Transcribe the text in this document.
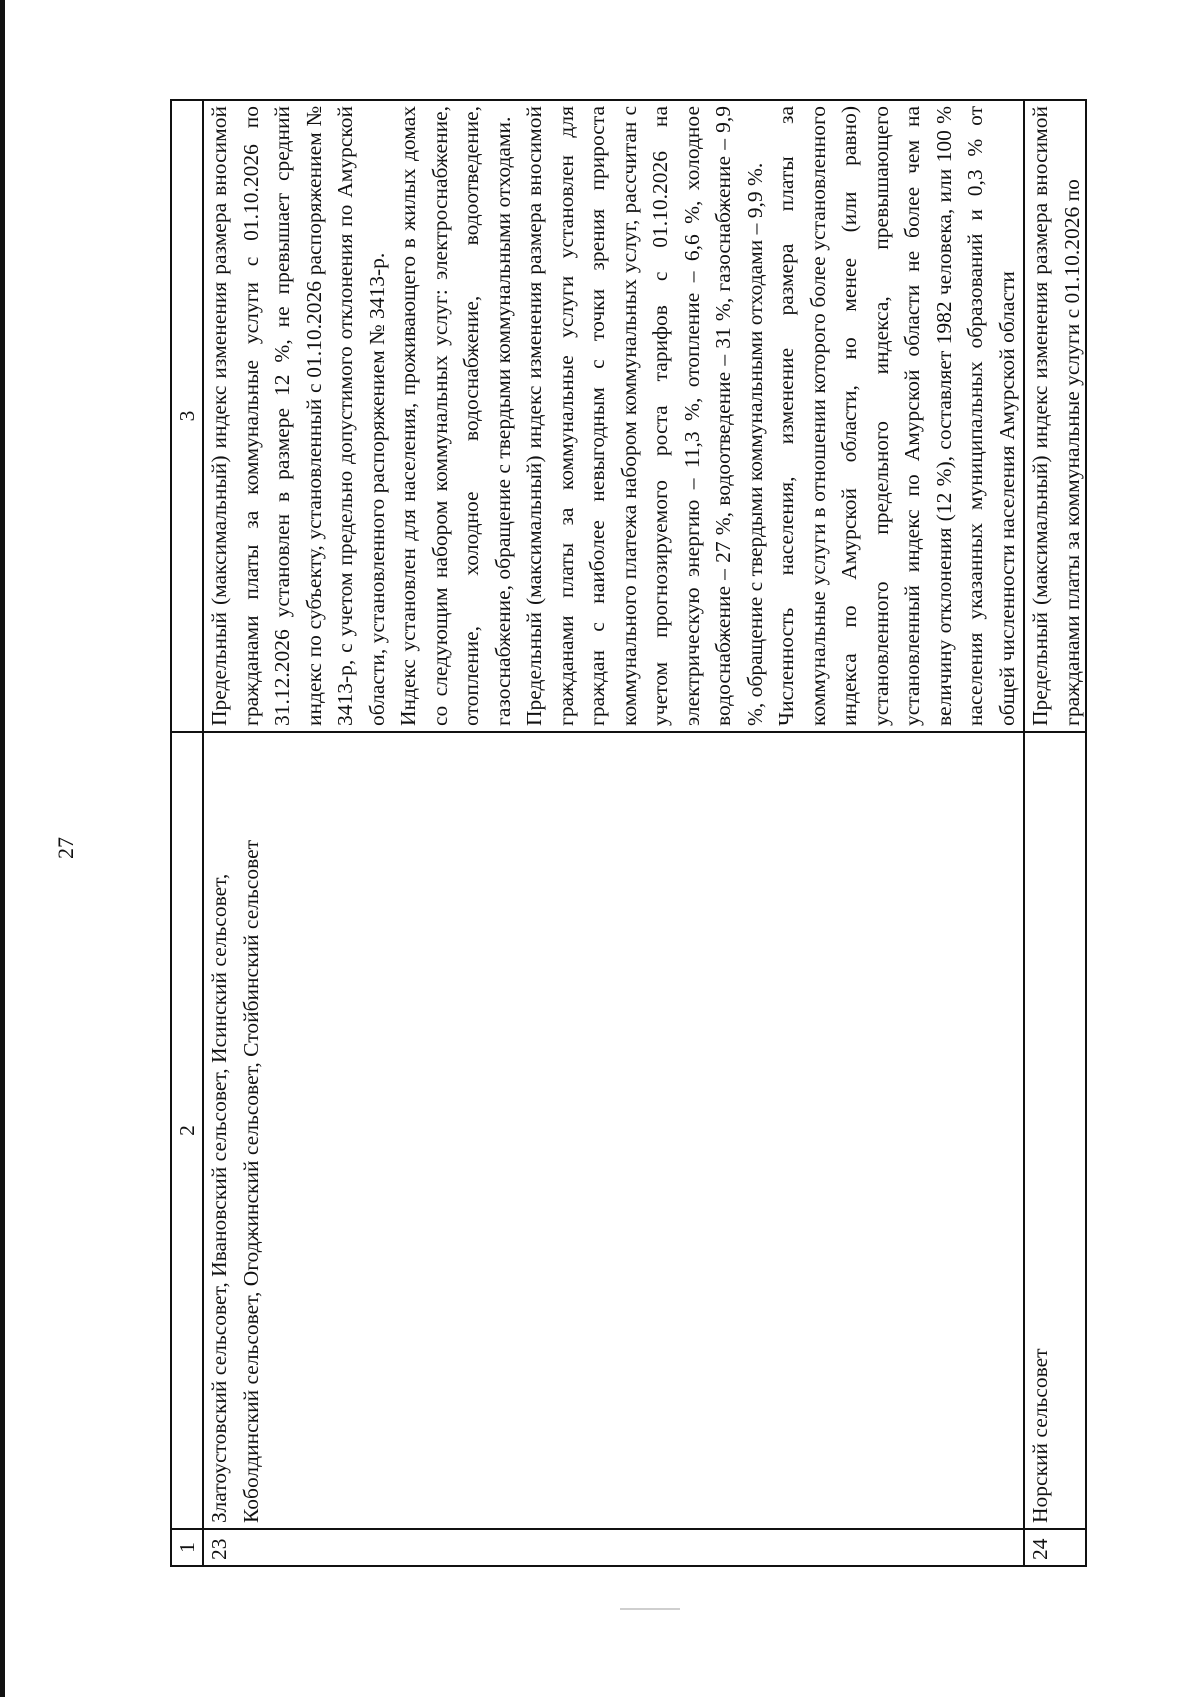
27
1	2	3
23	Златоустовский сельсовет, Ивановский сельсовет, Исинский сельсовет, Коболдинский сельсовет, Огоджинский сельсовет, Стойбинский сельсовет	Предельный (максимальный) индекс изменения размера вносимой гражданами платы за коммунальные услуги с 01.10.2026 по 31.12.2026 установлен в размере 12 %, не превышает средний индекс по субъекту, установленный с 01.10.2026 распоряжением № 3413-р, с учетом предельно допустимого отклонения по Амурской области, установленного распоряжением № 3413-р. Индекс установлен для населения, проживающего в жилых домах со следующим набором коммунальных услуг: электроснабжение, отопление, холодное водоснабжение, водоотведение, газоснабжение, обращение с твердыми коммунальными отходами. Предельный (максимальный) индекс изменения размера вносимой гражданами платы за коммунальные услуги установлен для граждан с наиболее невыгодным с точки зрения прироста коммунального платежа набором коммунальных услуг, рассчитан с учетом прогнозируемого роста тарифов с 01.10.2026 на электрическую энергию – 11,3 %, отопление – 6,6 %, холодное водоснабжение – 27 %, водоотведение – 31 %, газоснабжение – 9,9 %, обращение с твердыми коммунальными отходами – 9,9 %. Численность населения, изменение размера платы за коммунальные услуги в отношении которого более установленного индекса по Амурской области, но менее (или равно) установленного предельного индекса, превышающего установленный индекс по Амурской области не более чем на величину отклонения (12 %), составляет 1982 человека, или 100 % населения указанных муниципальных образований и 0,3 % от общей численности населения Амурской области

24	Норский сельсовет	Предельный (максимальный) индекс изменения размера вносимой гражданами платы за коммунальные услуги с 01.10.2026 по
